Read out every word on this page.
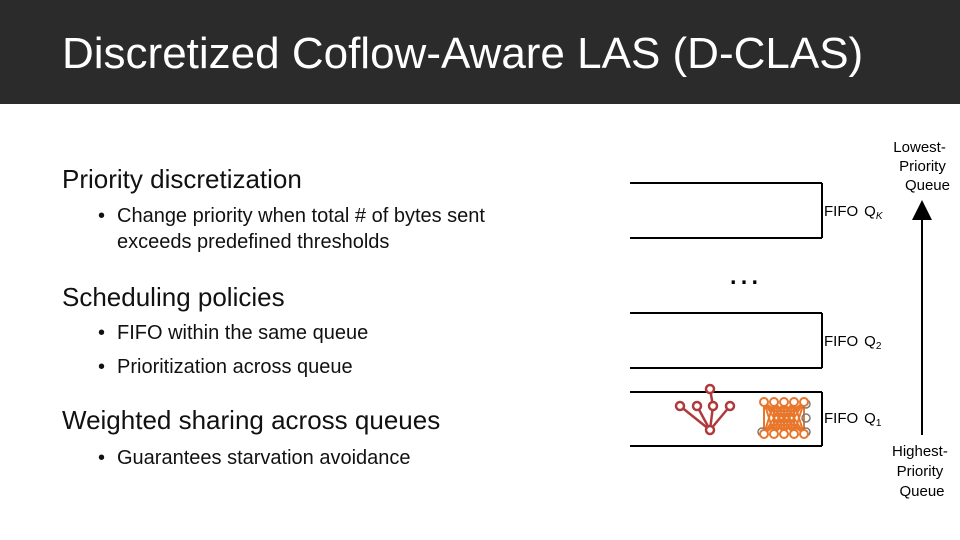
Discretized Coflow-Aware LAS (D-CLAS)
Priority discretization
• Change priority when total # of bytes sent exceeds predefined thresholds
Scheduling policies
• FIFO within the same queue
• Prioritization across queue
Weighted sharing across queues
• Guarantees starvation avoidance
FIFO $Q_K$
…
FIFO $Q_2$
FIFO $Q_1$
Lowest- Priority Queue
Highest- Priority Queue
